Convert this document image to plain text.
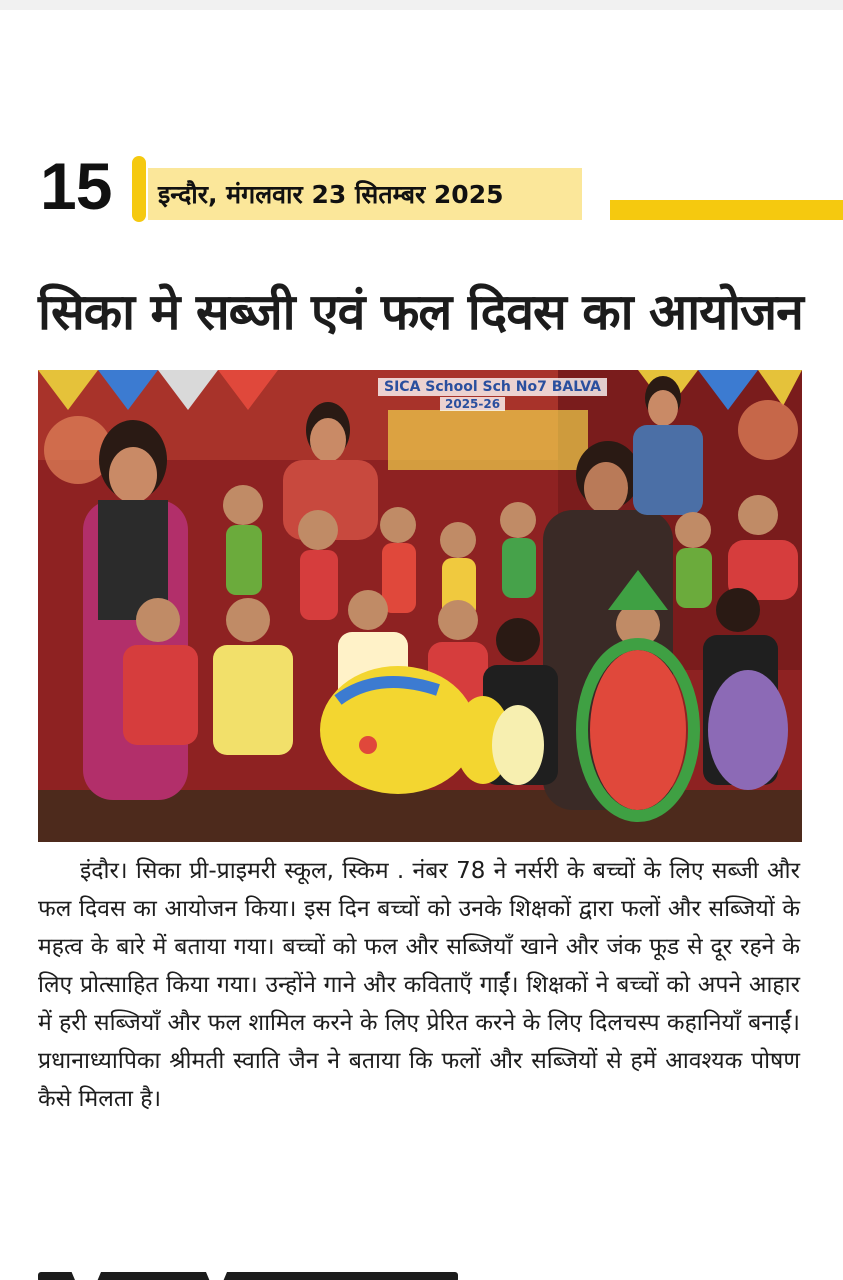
15 इन्दौर, मंगलवार 23 सितम्बर 2025
सिका मे सब्जी एवं फल दिवस का आयोजन
SICA School Sch No7 BALVA
2025-26
इंदौर। सिका प्री-प्राइमरी स्कूल, स्किम . नंबर 78 ने नर्सरी के बच्चों के लिए सब्जी और फल दिवस का आयोजन किया। इस दिन बच्चों को उनके शिक्षकों द्वारा फलों और सब्जियों के महत्व के बारे में बताया गया। बच्चों को फल और सब्जियाँ खाने और जंक फूड से दूर रहने के लिए प्रोत्साहित किया गया। उन्होंने गाने और कविताएँ गाईं। शिक्षकों ने बच्चों को अपने आहार में हरी सब्जियाँ और फल शामिल करने के लिए प्रेरित करने के लिए दिलचस्प कहानियाँ बनाईं। प्रधानाध्यापिका श्रीमती स्वाति जैन ने बताया कि फलों और सब्जियों से हमें आवश्यक पोषण कैसे मिलता है।
